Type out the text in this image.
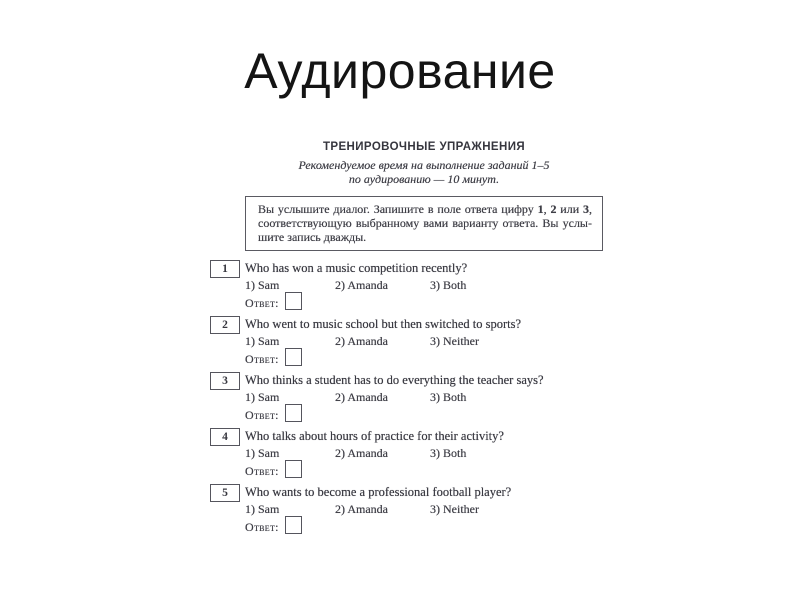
Аудирование
ТРЕНИРОВОЧНЫЕ УПРАЖНЕНИЯ
Рекомендуемое время на выполнение заданий 1–5
по аудированию — 10 минут.
Вы услышите диалог. Запишите в поле ответа цифру 1, 2 или 3,
соответствующую выбранному вами варианту ответа. Вы услы-
шите запись дважды.
1 Who has won a music competition recently?
1) Sam	2) Amanda	3) Both
Ответ:
2 Who went to music school but then switched to sports?
1) Sam	2) Amanda	3) Neither
Ответ:
3 Who thinks a student has to do everything the teacher says?
1) Sam	2) Amanda	3) Both
Ответ:
4 Who talks about hours of practice for their activity?
1) Sam	2) Amanda	3) Both
Ответ:
5 Who wants to become a professional football player?
1) Sam	2) Amanda	3) Neither
Ответ:
